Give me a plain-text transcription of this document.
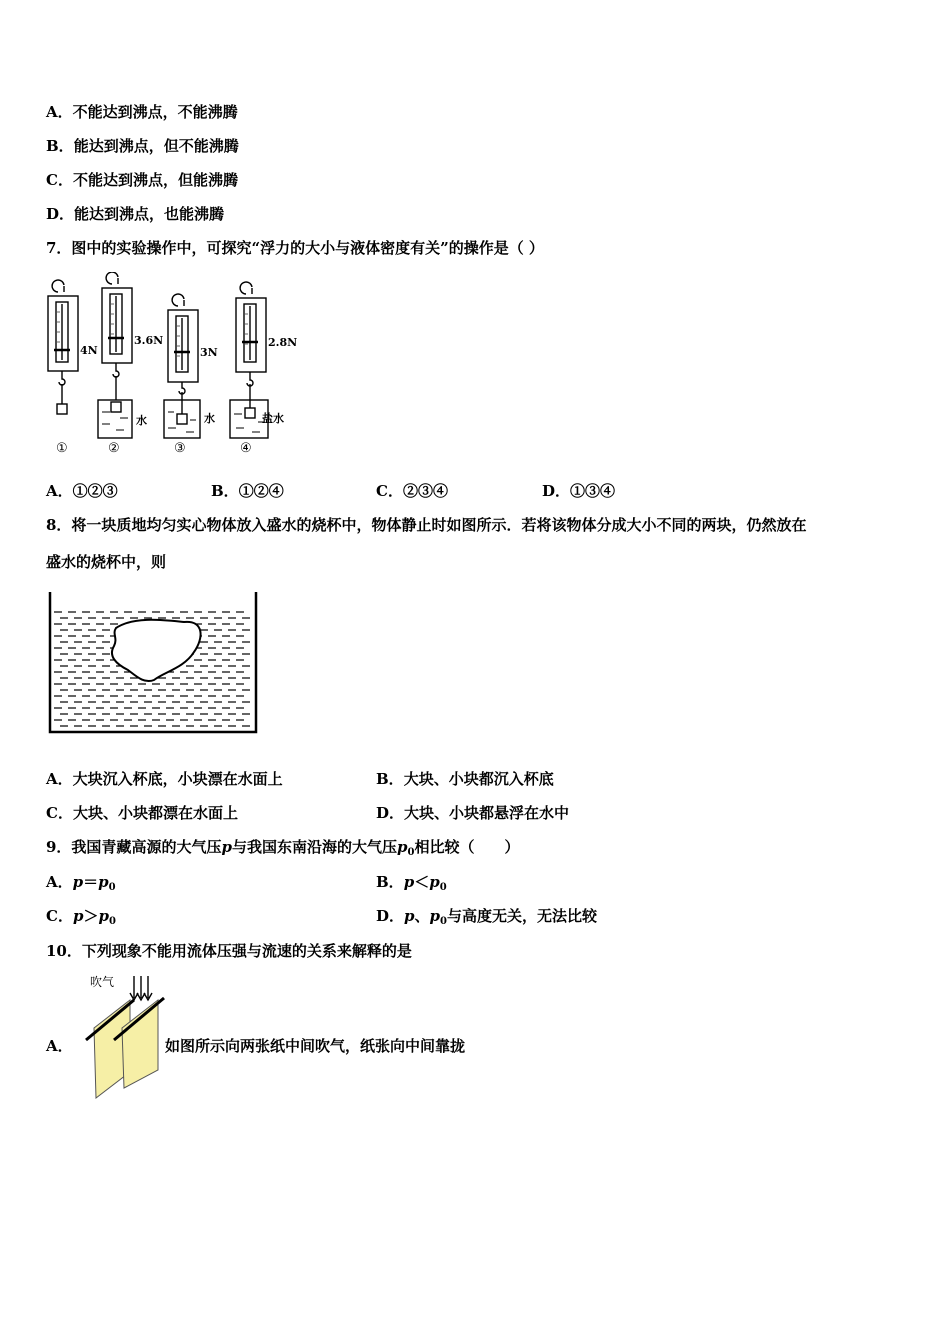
A．不能达到沸点，不能沸腾
B．能达到沸点，但不能沸腾
C．不能达到沸点，但能沸腾
D．能达到沸点，也能沸腾
7．图中的实验操作中，可探究“浮力的大小与液体密度有关”的操作是（ ）
4N
3.6N
3N
2.8N
水	水	盐水
①	②	③	④
A．①②③	B．①②④	C．②③④	D．①③④
8．将一块质地均匀实心物体放入盛水的烧杯中，物体静止时如图所示．若将该物体分成大小不同的两块，仍然放在
盛水的烧杯中，则
A．大块沉入杯底，小块漂在水面上	B．大块、小块都沉入杯底
C．大块、小块都漂在水面上	D．大块、小块都悬浮在水中
9．我国青藏高源的大气压p与我国东南沿海的大气压$p_0$相比较（　　）
A．$p=p_0$	B．$p<p_0$
C．$p>p_0$	D．p、$p_0$与高度无关，无法比较
10．下列现象不能用流体压强与流速的关系来解释的是
吹气
A．	如图所示向两张纸中间吹气，纸张向中间靠拢
